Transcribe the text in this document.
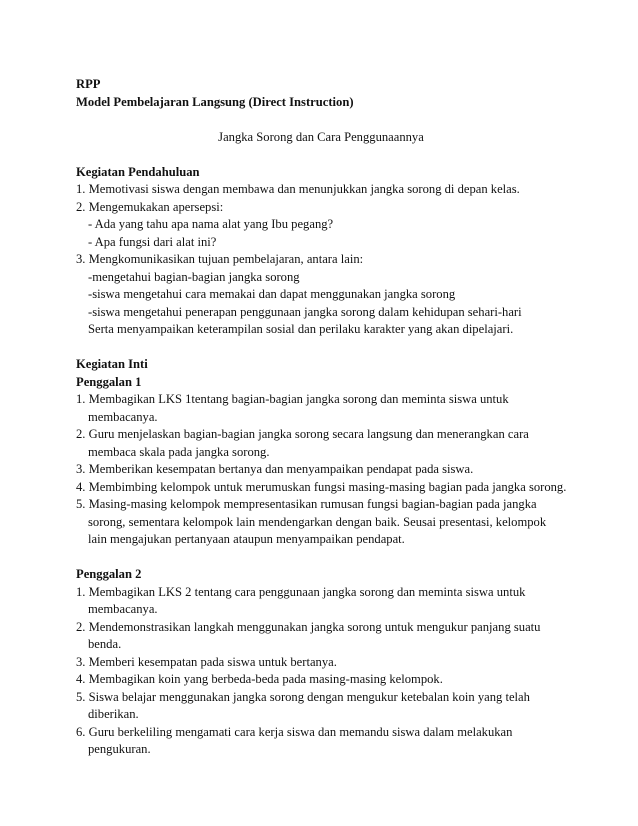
RPP
Model Pembelajaran Langsung (Direct Instruction)
Jangka Sorong dan Cara Penggunaannya
Kegiatan Pendahuluan
1. Memotivasi siswa dengan membawa dan menunjukkan jangka sorong di depan kelas.
2. Mengemukakan apersepsi:
- Ada yang tahu apa nama alat yang Ibu pegang?
- Apa fungsi dari alat ini?
3. Mengkomunikasikan tujuan pembelajaran, antara lain:
-mengetahui bagian-bagian jangka sorong
-siswa mengetahui cara memakai dan dapat menggunakan jangka sorong
-siswa mengetahui penerapan penggunaan jangka sorong dalam kehidupan sehari-hari
Serta menyampaikan keterampilan sosial dan perilaku karakter yang akan dipelajari.
Kegiatan Inti
Penggalan 1
1. Membagikan LKS 1tentang bagian-bagian jangka sorong dan meminta siswa untuk
membacanya.
2. Guru menjelaskan bagian-bagian jangka sorong secara langsung dan menerangkan cara
membaca skala pada jangka sorong.
3. Memberikan kesempatan bertanya dan menyampaikan pendapat pada siswa.
4. Membimbing kelompok untuk merumuskan fungsi masing-masing bagian pada jangka sorong.
5. Masing-masing kelompok mempresentasikan rumusan fungsi bagian-bagian pada jangka
sorong, sementara kelompok lain mendengarkan dengan baik. Seusai presentasi, kelompok
lain mengajukan pertanyaan ataupun menyampaikan pendapat.
Penggalan 2
1. Membagikan LKS 2 tentang cara penggunaan jangka sorong dan meminta siswa untuk
membacanya.
2. Mendemonstrasikan langkah menggunakan jangka sorong untuk mengukur panjang suatu
benda.
3. Memberi kesempatan pada siswa untuk bertanya.
4. Membagikan koin yang berbeda-beda pada masing-masing kelompok.
5. Siswa belajar menggunakan jangka sorong dengan mengukur ketebalan koin yang telah
diberikan.
6. Guru berkeliling mengamati cara kerja siswa dan memandu siswa dalam melakukan
pengukuran.
